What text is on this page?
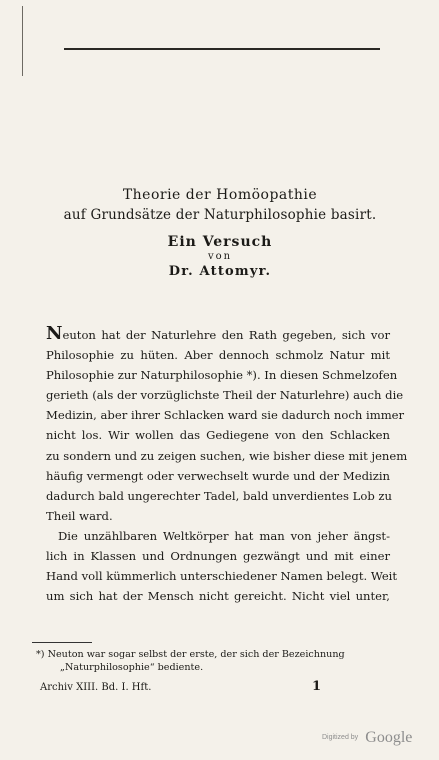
Theorie der Homöopathie
auf Grundsätze der Naturphilosophie basirt.
Ein Versuch
von
Dr. Attomyr.
Neuton hat der Naturlehre den Rath gegeben, sich vor
Philosophie zu hüten. Aber dennoch schmolz Natur mit
Philosophie zur Naturphilosophie *). In diesen Schmelzofen
gerieth (als der vorzüglichste Theil der Naturlehre) auch die
Medizin, aber ihrer Schlacken ward sie dadurch noch immer
nicht los. Wir wollen das Gediegene von den Schlacken
zu sondern und zu zeigen suchen, wie bisher diese mit jenem
häufig vermengt oder verwechselt wurde und der Medizin
dadurch bald ungerechter Tadel, bald unverdientes Lob zu
Theil ward.
Die unzählbaren Weltkörper hat man von jeher ängst-
lich in Klassen und Ordnungen gezwängt und mit einer
Hand voll kümmerlich unterschiedener Namen belegt. Weit
um sich hat der Mensch nicht gereicht. Nicht viel unter,
*) Neuton war sogar selbst der erste, der sich der Bezeichnung
„Naturphilosophie“ bediente.
Archiv XIII. Bd. I. Hft.	1
Digitized by Google
